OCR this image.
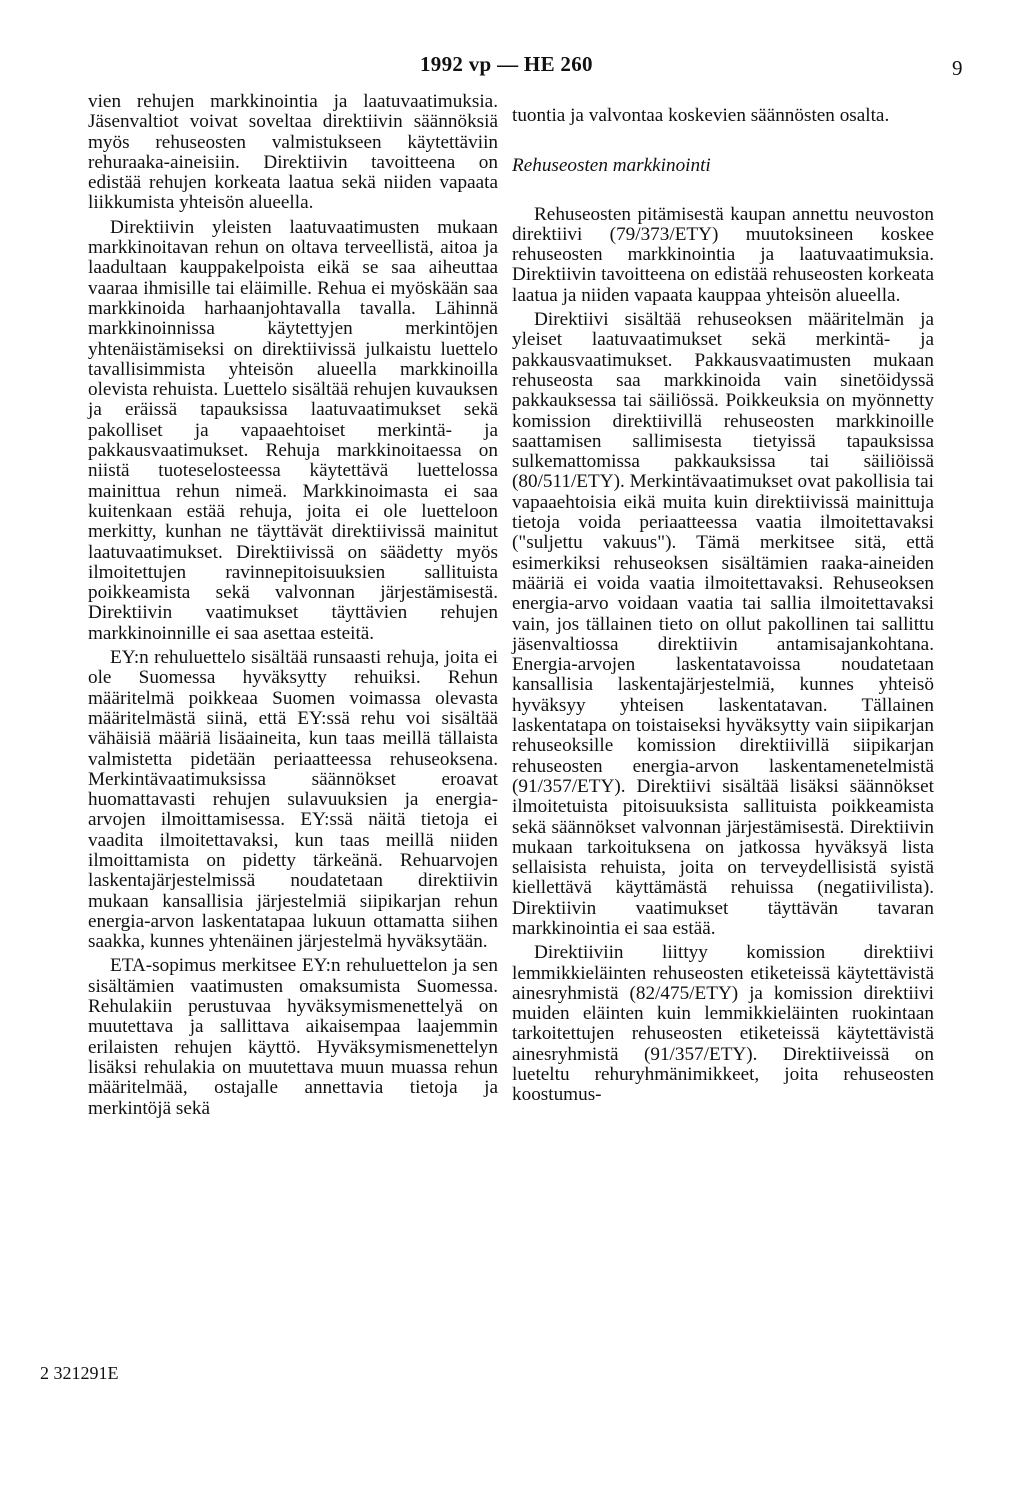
1992 vp — HE 260	9

vien rehujen markkinointia ja laatuvaatimuksia. Jäsenvaltiot voivat soveltaa direktiivin säännöksiä myös rehuseosten valmistukseen käytettäviin rehuraaka-aineisiin. Direktiivin tavoitteena on edistää rehujen korkeata laatua sekä niiden vapaata liikkumista yhteisön alueella.

Direktiivin yleisten laatuvaatimusten mukaan markkinoitavan rehun on oltava terveellistä, aitoa ja laadultaan kauppakelpoista eikä se saa aiheuttaa vaaraa ihmisille tai eläimille. Rehua ei myöskään saa markkinoida harhaanjohtavalla tavalla. Lähinnä markkinoinnissa käytettyjen merkintöjen yhtenäistämiseksi on direktiivissä julkaistu luettelo tavallisimmista yhteisön alueella markkinoilla olevista rehuista. Luettelo sisältää rehujen kuvauksen ja eräissä tapauksissa laatuvaatimukset sekä pakolliset ja vapaaehtoiset merkintä- ja pakkausvaatimukset. Rehuja markkinoitaessa on niistä tuoteselosteessa käytettävä luettelossa mainittua rehun nimeä. Markkinoimasta ei saa kuitenkaan estää rehuja, joita ei ole luetteloon merkitty, kunhan ne täyttävät direktiivissä mainitut laatuvaatimukset. Direktiivissä on säädetty myös ilmoitettujen ravinnepitoisuuksien sallituista poikkeamista sekä valvonnan järjestämisestä. Direktiivin vaatimukset täyttävien rehujen markkinoinnille ei saa asettaa esteitä.

EY:n rehuluettelo sisältää runsaasti rehuja, joita ei ole Suomessa hyväksytty rehuiksi. Rehun määritelmä poikkeaa Suomen voimassa olevasta määritelmästä siinä, että EY:ssä rehu voi sisältää vähäisiä määriä lisäaineita, kun taas meillä tällaista valmistetta pidetään periaatteessa rehuseoksena. Merkintävaatimuksissa säännökset eroavat huomattavasti rehujen sulavuuksien ja energia-arvojen ilmoittamisessa. EY:ssä näitä tietoja ei vaadita ilmoitettavaksi, kun taas meillä niiden ilmoittamista on pidetty tärkeänä. Rehuarvojen laskentajärjestelmissä noudatetaan direktiivin mukaan kansallisia järjestelmiä siipikarjan rehun energia-arvon laskentatapaa lukuun ottamatta siihen saakka, kunnes yhtenäinen järjestelmä hyväksytään.

ETA-sopimus merkitsee EY:n rehuluettelon ja sen sisältämien vaatimusten omaksumista Suomessa. Rehulakiin perustuvaa hyväksymismenettelyä on muutettava ja sallittava aikaisempaa laajemmin erilaisten rehujen käyttö. Hyväksymismenettelyn lisäksi rehulakia on muutettava muun muassa rehun määritelmää, ostajalle annettavia tietoja ja merkintöjä sekä

tuontia ja valvontaa koskevien säännösten osalta.

Rehuseosten markkinointi

Rehuseosten pitämisestä kaupan annettu neuvoston direktiivi (79/373/ETY) muutoksineen koskee rehuseosten markkinointia ja laatuvaatimuksia. Direktiivin tavoitteena on edistää rehuseosten korkeata laatua ja niiden vapaata kauppaa yhteisön alueella.

Direktiivi sisältää rehuseoksen määritelmän ja yleiset laatuvaatimukset sekä merkintä- ja pakkausvaatimukset. Pakkausvaatimusten mukaan rehuseosta saa markkinoida vain sinetöidyssä pakkauksessa tai säiliössä. Poikkeuksia on myönnetty komission direktiivillä rehuseosten markkinoille saattamisen sallimisesta tietyissä tapauksissa sulkemattomissa pakkauksissa tai säiliöissä (80/511/ETY). Merkintävaatimukset ovat pakollisia tai vapaaehtoisia eikä muita kuin direktiivissä mainittuja tietoja voida periaatteessa vaatia ilmoitettavaksi ("suljettu vakuus"). Tämä merkitsee sitä, että esimerkiksi rehuseoksen sisältämien raaka-aineiden määriä ei voida vaatia ilmoitettavaksi. Rehuseoksen energia-arvo voidaan vaatia tai sallia ilmoitettavaksi vain, jos tällainen tieto on ollut pakollinen tai sallittu jäsenvaltiossa direktiivin antamisajankohtana. Energia-arvojen laskentatavoissa noudatetaan kansallisia laskentajärjestelmiä, kunnes yhteisö hyväksyy yhteisen laskentatavan. Tällainen laskentatapa on toistaiseksi hyväksytty vain siipikarjan rehuseoksille komission direktiivillä siipikarjan rehuseosten energia-arvon laskentamenetelmistä (91/357/ETY). Direktiivi sisältää lisäksi säännökset ilmoitetuista pitoisuuksista sallituista poikkeamista sekä säännökset valvonnan järjestämisestä. Direktiivin mukaan tarkoituksena on jatkossa hyväksyä lista sellaisista rehuista, joita on terveydellisistä syistä kiellettävä käyttämästä rehuissa (negatiivilista). Direktiivin vaatimukset täyttävän tavaran markkinointia ei saa estää.

Direktiiviin liittyy komission direktiivi lemmikkieläinten rehuseosten etiketeissä käytettävistä ainesryhmistä (82/475/ETY) ja komission direktiivi muiden eläinten kuin lemmikkieläinten ruokintaan tarkoitettujen rehuseosten etiketeissä käytettävistä ainesryhmistä (91/357/ETY). Direktiiveissä on lueteltu rehuryhmänimikkeet, joita rehuseosten koostumus-

2 321291E
